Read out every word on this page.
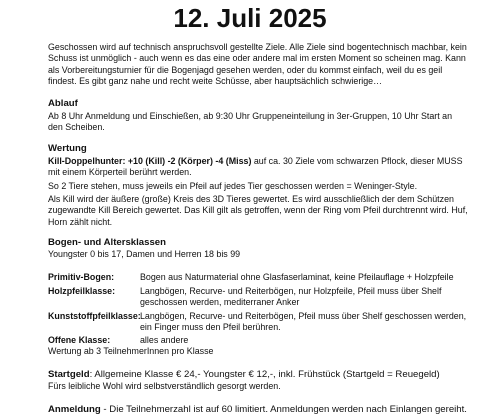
12. Juli 2025

Geschossen wird auf technisch anspruchsvoll gestellte Ziele. Alle Ziele sind bogentechnisch machbar, kein Schuss ist unmöglich - auch wenn es das eine oder andere mal im ersten Moment so scheinen mag. Kann als Vorbereitungsturnier für die Bogenjagd gesehen werden, oder du kommst einfach, weil du es geil findest. Es gibt ganz nahe und recht weite Schüsse, aber hauptsächlich schwierige…

Ablauf

Ab 8 Uhr Anmeldung und Einschießen, ab 9:30 Uhr Gruppeneinteilung in 3er-Gruppen, 10 Uhr Start an den Scheiben.

Wertung

Kill-Doppelhunter: +10 (Kill) -2 (Körper) -4 (Miss) auf ca. 30 Ziele vom schwarzen Pflock, dieser MUSS mit einem Körperteil berührt werden.

So 2 Tiere stehen, muss jeweils ein Pfeil auf jedes Tier geschossen werden = Weninger-Style.

Als Kill wird der äußere (große) Kreis des 3D Tieres gewertet. Es wird ausschließlich der dem Schützen zugewandte Kill Bereich gewertet. Das Kill gilt als getroffen, wenn der Ring vom Pfeil durchtrennt wird. Huf, Horn zählt nicht.

Bogen- und Altersklassen

Youngster 0 bis 17, Damen und Herren 18 bis 99

Primitiv-Bogen:	Bogen aus Naturmaterial ohne Glasfaserlaminat, keine Pfeilauflage + Holzpfeile
Holzpfeilklasse:	Langbögen, Recurve- und Reiterbögen, nur Holzpfeile, Pfeil muss über Shelf geschossen werden, mediterraner Anker
Kunststoffpfeilklasse: Langbögen, Recurve- und Reiterbögen, Pfeil muss über Shelf geschossen werden, ein Finger muss den Pfeil berühren.
Offene Klasse:	alles andere

Wertung ab 3 TeilnehmerInnen pro Klasse

Startgeld: Allgemeine Klasse € 24,- Youngster € 12,-, inkl. Frühstück (Startgeld = Reuegeld)

Fürs leibliche Wohl wird selbstverständlich gesorgt werden.

Anmeldung - Die Teilnehmerzahl ist auf 60 limitiert. Anmeldungen werden nach Einlangen gereiht.
